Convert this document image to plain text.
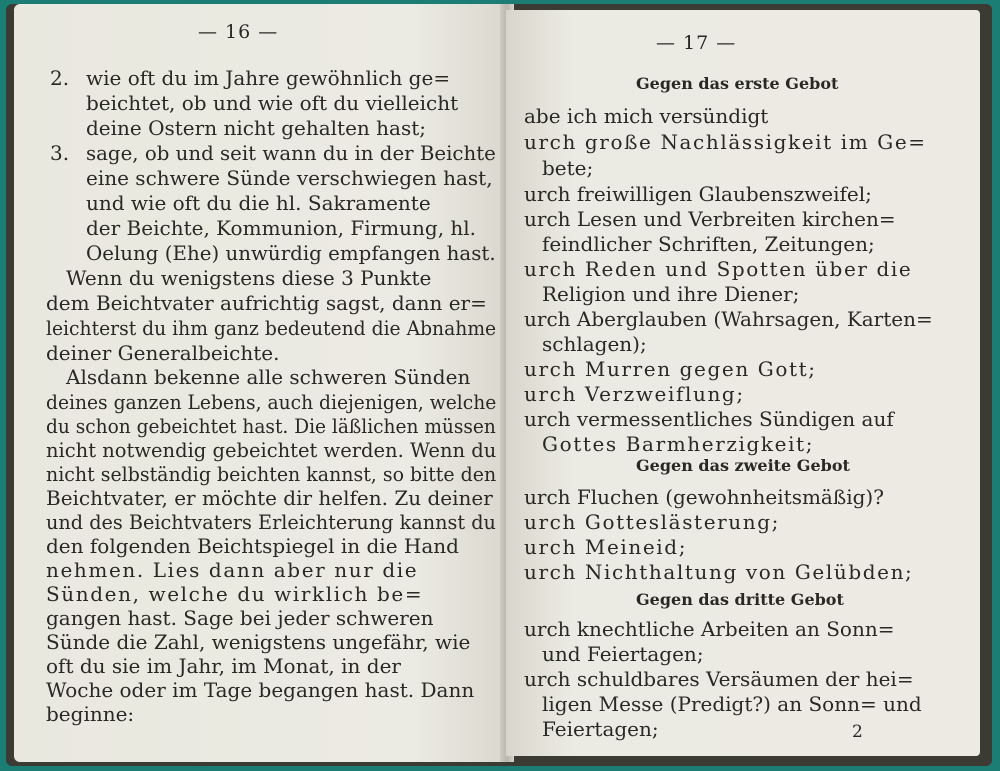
— 16 —
2. wie oft du im Jahre gewöhnlich ge=
beichtet, ob und wie oft du vielleicht
deine Ostern nicht gehalten hast;
3. sage, ob und seit wann du in der Beichte
eine schwere Sünde verschwiegen hast,
und wie oft du die hl. Sakramente
der Beichte, Kommunion, Firmung, hl.
Oelung (Ehe) unwürdig empfangen hast.
Wenn du wenigstens diese 3 Punkte
dem Beichtvater aufrichtig sagst, dann er=
leichterst du ihm ganz bedeutend die Abnahme
deiner Generalbeichte.
Alsdann bekenne alle schweren Sünden
deines ganzen Lebens, auch diejenigen, welche
du schon gebeichtet hast. Die läßlichen müssen
nicht notwendig gebeichtet werden. Wenn du
nicht selbständig beichten kannst, so bitte den
Beichtvater, er möchte dir helfen. Zu deiner
und des Beichtvaters Erleichterung kannst du
den folgenden Beichtspiegel in die Hand
nehmen. Lies dann aber nur die
Sünden, welche du wirklich be=
gangen hast. Sage bei jeder schweren
Sünde die Zahl, wenigstens ungefähr, wie
oft du sie im Jahr, im Monat, in der
Woche oder im Tage begangen hast. Dann
beginne:
— 17 —
Gegen das erste Gebot
abe ich mich versündigt
urch große Nachlässigkeit im Ge=
bete;
urch freiwilligen Glaubenszweifel;
urch Lesen und Verbreiten kirchen=
feindlicher Schriften, Zeitungen;
urch Reden und Spotten über die
Religion und ihre Diener;
urch Aberglauben (Wahrsagen, Karten=
schlagen);
urch Murren gegen Gott;
urch Verzweiflung;
urch vermessentliches Sündigen auf
Gottes Barmherzigkeit;
Gegen das zweite Gebot
urch Fluchen (gewohnheitsmäßig)?
urch Gotteslästerung;
urch Meineid;
urch Nichthaltung von Gelübden;
Gegen das dritte Gebot
urch knechtliche Arbeiten an Sonn=
und Feiertagen;
urch schuldbares Versäumen der hei=
ligen Messe (Predigt?) an Sonn= und
Feiertagen;	2
